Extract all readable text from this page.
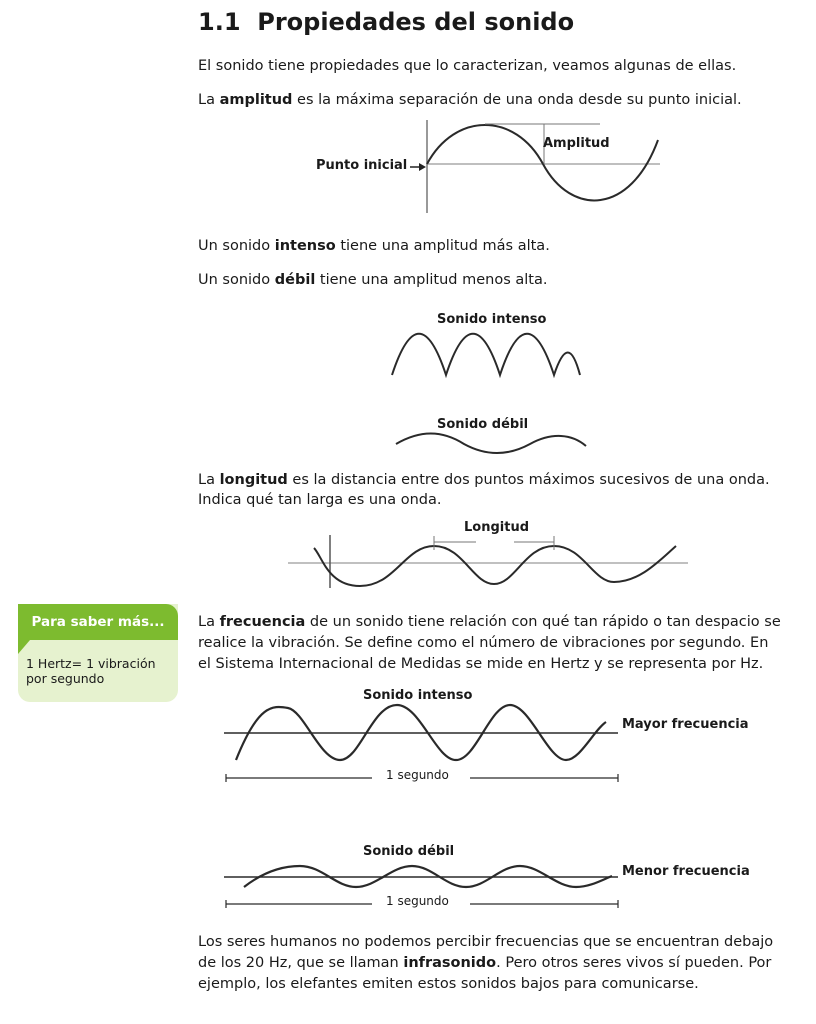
1.1 Propiedades del sonido
El sonido tiene propiedades que lo caracterizan, veamos algunas de ellas.
La amplitud es la máxima separación de una onda desde su punto inicial.
Amplitud
Punto inicial
Un sonido intenso tiene una amplitud más alta.
Un sonido débil tiene una amplitud menos alta.
Sonido intenso
Sonido débil
La longitud es la distancia entre dos puntos máximos sucesivos de una onda.
Indica qué tan larga es una onda.
Longitud
Para saber más...
1 Hertz= 1 vibración
por segundo
La frecuencia de un sonido tiene relación con qué tan rápido o tan despacio se
realice la vibración. Se define como el número de vibraciones por segundo. En
el Sistema Internacional de Medidas se mide en Hertz y se representa por Hz.
Sonido intenso
Mayor frecuencia
1 segundo
Sonido débil
Menor frecuencia
1 segundo
Los seres humanos no podemos percibir frecuencias que se encuentran debajo
de los 20 Hz, que se llaman infrasonido. Pero otros seres vivos sí pueden. Por
ejemplo, los elefantes emiten estos sonidos bajos para comunicarse.
